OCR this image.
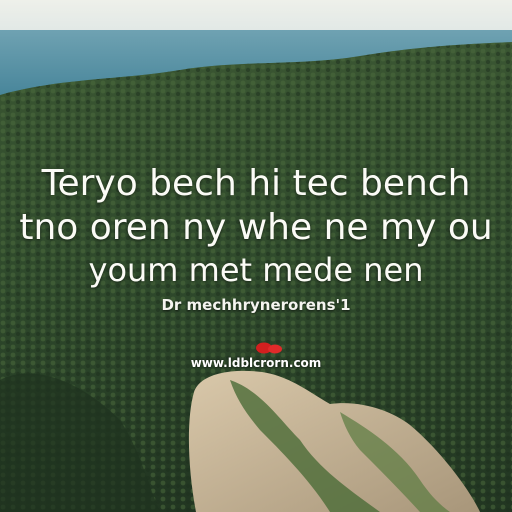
Teryo bech hi tec bench
tno oren ny whe ne my ou
youm met mede nen
Dr mechhrynerorens'1
www.ldblcrorn.com
